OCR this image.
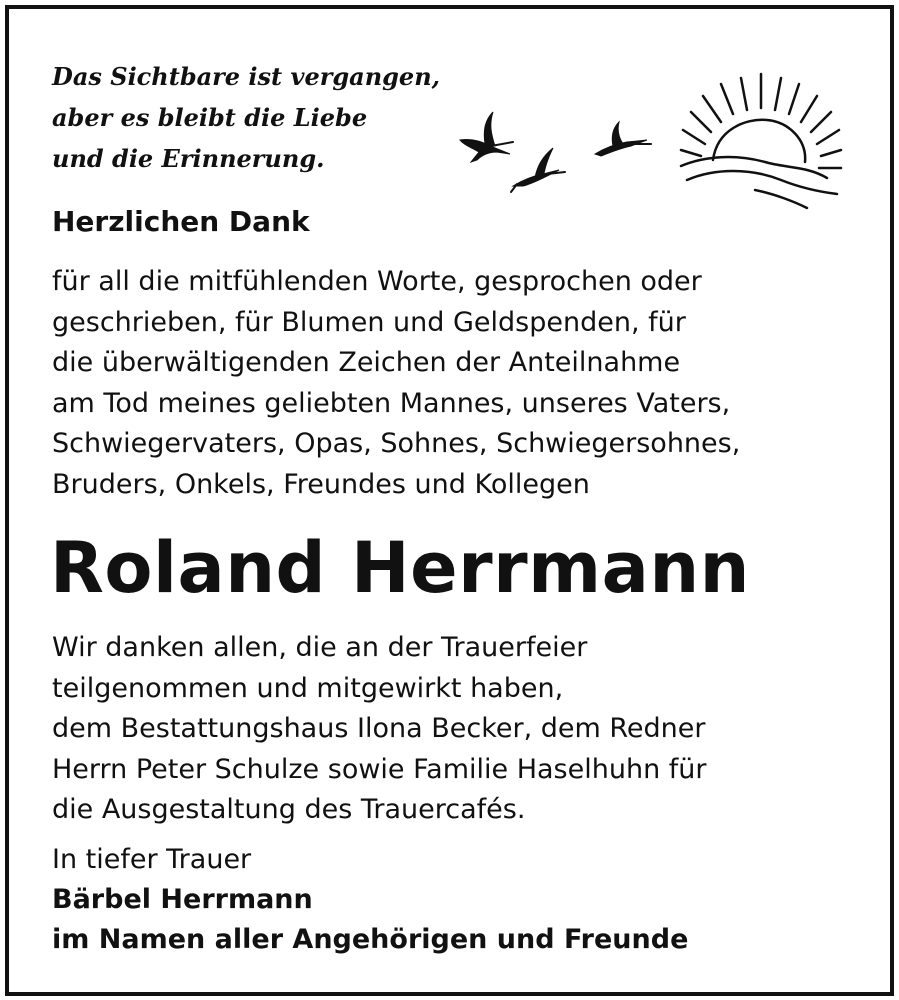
Das Sichtbare ist vergangen,
aber es bleibt die Liebe
und die Erinnerung.

Herzlichen Dank

für all die mitfühlenden Worte, gesprochen oder
geschrieben, für Blumen und Geldspenden, für
die überwältigenden Zeichen der Anteilnahme
am Tod meines geliebten Mannes, unseres Vaters,
Schwiegervaters, Opas, Sohnes, Schwiegersohnes,
Bruders, Onkels, Freundes und Kollegen

Roland Herrmann

Wir danken allen, die an der Trauerfeier
teilgenommen und mitgewirkt haben,
dem Bestattungshaus Ilona Becker, dem Redner
Herrn Peter Schulze sowie Familie Haselhuhn für
die Ausgestaltung des Trauercafés.

In tiefer Trauer
Bärbel Herrmann
im Namen aller Angehörigen und Freunde
